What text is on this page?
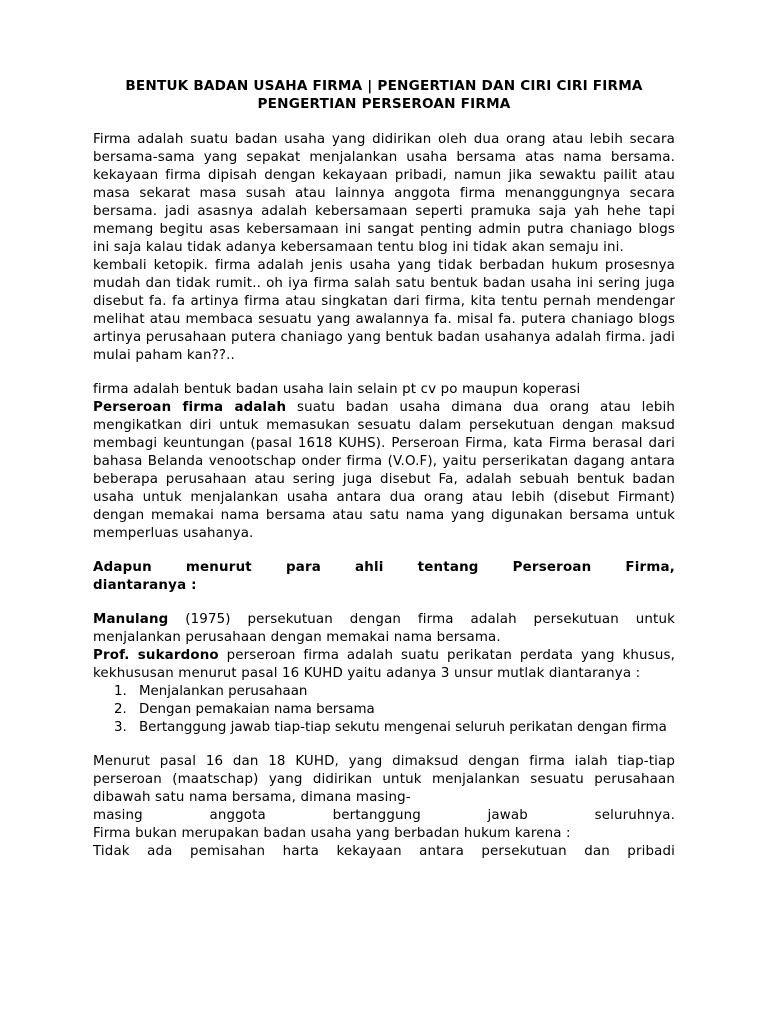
BENTUK BADAN USAHA FIRMA | PENGERTIAN DAN CIRI CIRI FIRMA
PENGERTIAN PERSEROAN FIRMA

Firma adalah suatu badan usaha yang didirikan oleh dua orang atau lebih secara bersama-sama yang sepakat menjalankan usaha bersama atas nama bersama. kekayaan firma dipisah dengan kekayaan pribadi, namun jika sewaktu pailit atau masa sekarat masa susah atau lainnya anggota firma menanggungnya secara bersama. jadi asasnya adalah kebersamaan seperti pramuka saja yah hehe tapi memang begitu asas kebersamaan ini sangat penting admin putra chaniago blogs ini saja kalau tidak adanya kebersamaan tentu blog ini tidak akan semaju ini.

kembali ketopik. firma adalah jenis usaha yang tidak berbadan hukum prosesnya mudah dan tidak rumit.. oh iya firma salah satu bentuk badan usaha ini sering juga disebut fa. fa artinya firma atau singkatan dari firma, kita tentu pernah mendengar melihat atau membaca sesuatu yang awalannya fa. misal fa. putera chaniago blogs artinya perusahaan putera chaniago yang bentuk badan usahanya adalah firma. jadi mulai paham kan??..

firma adalah bentuk badan usaha lain selain pt cv po maupun koperasi

Perseroan firma adalah suatu badan usaha dimana dua orang atau lebih mengikatkan diri untuk memasukan sesuatu dalam persekutuan dengan maksud membagi keuntungan (pasal 1618 KUHS). Perseroan Firma, kata Firma berasal dari bahasa Belanda venootschap onder firma (V.O.F), yaitu perserikatan dagang antara beberapa perusahaan atau sering juga disebut Fa, adalah sebuah bentuk badan usaha untuk menjalankan usaha antara dua orang atau lebih (disebut Firmant) dengan memakai nama bersama atau satu nama yang digunakan bersama untuk memperluas usahanya.

Adapun menurut para ahli tentang Perseroan Firma,
diantaranya :

Manulang (1975) persekutuan dengan firma adalah persekutuan untuk menjalankan perusahaan dengan memakai nama bersama.

Prof. sukardono perseroan firma adalah suatu perikatan perdata yang khusus, kekhususan menurut pasal 16 KUHD yaitu adanya 3 unsur mutlak diantaranya :

1. Menjalankan perusahaan
2. Dengan pemakaian nama bersama
3. Bertanggung jawab tiap-tiap sekutu mengenai seluruh perikatan dengan firma

Menurut pasal 16 dan 18 KUHD, yang dimaksud dengan firma ialah tiap-tiap perseroan (maatschap) yang didirikan untuk menjalankan sesuatu perusahaan dibawah satu nama bersama, dimana masing-
masing anggota bertanggung jawab seluruhnya.

Firma bukan merupakan badan usaha yang berbadan hukum karena :

Tidak ada pemisahan harta kekayaan antara persekutuan dan pribadi
